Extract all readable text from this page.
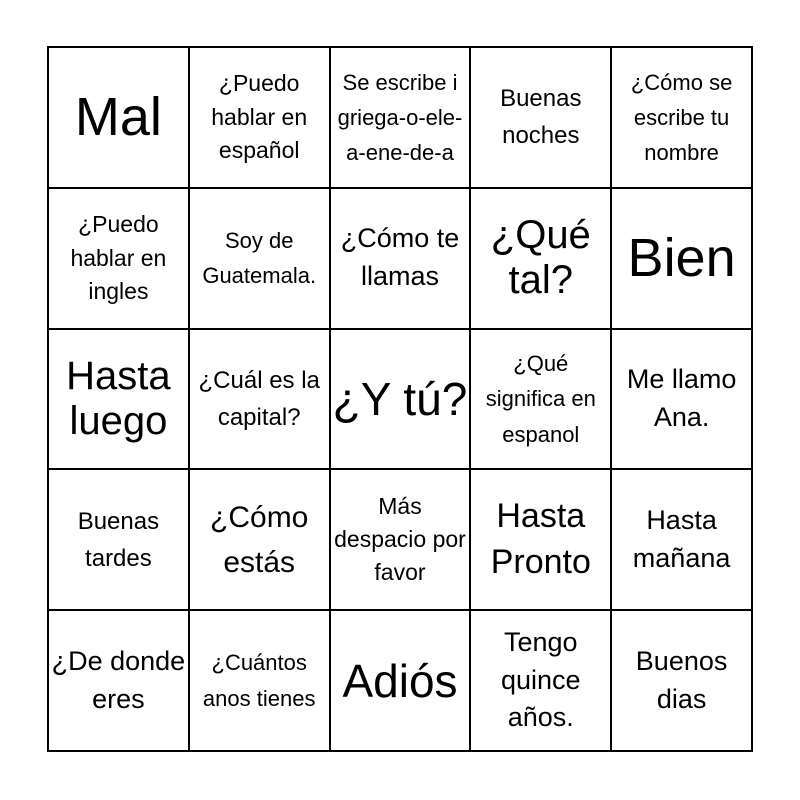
Mal
¿Puedo hablar en español
Se escribe i griega-o-ele-a-ene-de-a
Buenas noches
¿Cómo se escribe tu nombre
¿Puedo hablar en ingles
Soy de Guatemala.
¿Cómo te llamas
¿Qué tal?	Bien
Hasta luego
¿Cuál es la capital? ¿Y tú?
¿Qué significa en espanol
Me llamo Ana.
Buenas tardes
¿Cómo estás
Más despacio por favor
Hasta Pronto
Hasta mañana
¿De donde eres
¿Cuántos anos tienes Adiós
Tengo quince años.
Buenos dias
